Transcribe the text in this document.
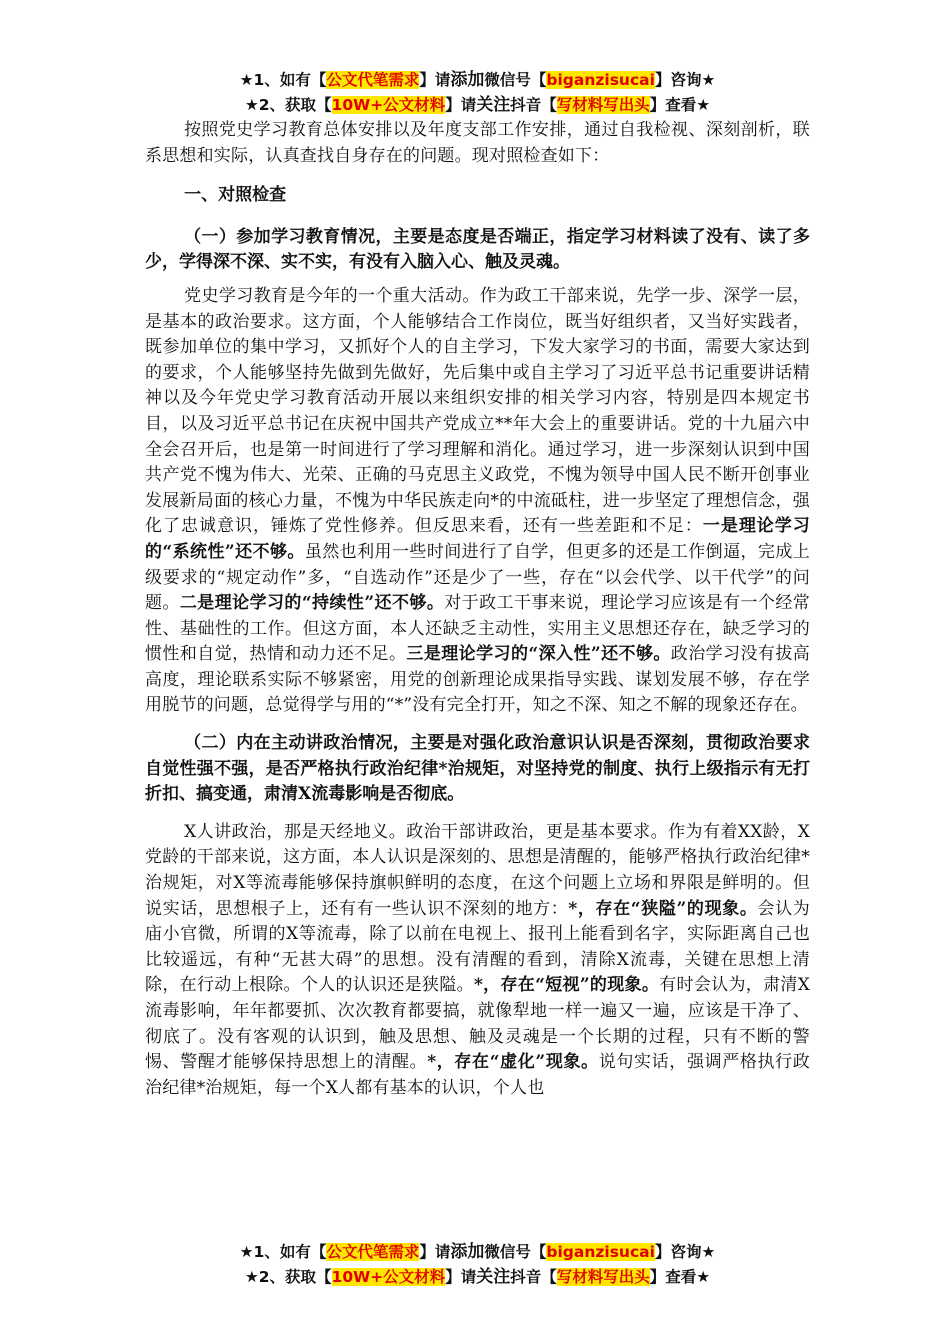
★1、如有【公文代笔需求】请添加微信号【biganzisucai】咨询★
★2、获取【10W+公文材料】请关注抖音【写材料写出头】查看★

按照党史学习教育总体安排以及年度支部工作安排，通过自我检视、深刻剖析，联系思想和实际，认真查找自身存在的问题。现对照检查如下：

一、对照检查

（一）参加学习教育情况，主要是态度是否端正，指定学习材料读了没有、读了多少，学得深不深、实不实，有没有入脑入心、触及灵魂。

党史学习教育是今年的一个重大活动。作为政工干部来说，先学一步、深学一层，是基本的政治要求。这方面，个人能够结合工作岗位，既当好组织者，又当好实践者，既参加单位的集中学习，又抓好个人的自主学习，下发大家学习的书面，需要大家达到的要求，个人能够坚持先做到先做好，先后集中或自主学习了习近平总书记重要讲话精神以及今年党史学习教育活动开展以来组织安排的相关学习内容，特别是四本规定书目，以及习近平总书记在庆祝中国共产党成立**年大会上的重要讲话。党的十九届六中全会召开后，也是第一时间进行了学习理解和消化。通过学习，进一步深刻认识到中国共产党不愧为伟大、光荣、正确的马克思主义政党，不愧为领导中国人民不断开创事业发展新局面的核心力量，不愧为中华民族走向*的中流砥柱，进一步坚定了理想信念，强化了忠诚意识，锤炼了党性修养。但反思来看，还有一些差距和不足：一是理论学习的“系统性”还不够。虽然也利用一些时间进行了自学，但更多的还是工作倒逼，完成上级要求的“规定动作”多，“自选动作”还是少了一些，存在“以会代学、以干代学”的问题。二是理论学习的“持续性”还不够。对于政工干事来说，理论学习应该是有一个经常性、基础性的工作。但这方面，本人还缺乏主动性，实用主义思想还存在，缺乏学习的惯性和自觉，热情和动力还不足。三是理论学习的“深入性”还不够。政治学习没有拔高高度，理论联系实际不够紧密，用党的创新理论成果指导实践、谋划发展不够，存在学用脱节的问题，总觉得学与用的“*”没有完全打开，知之不深、知之不解的现象还存在。

（二）内在主动讲政治情况，主要是对强化政治意识认识是否深刻，贯彻政治要求自觉性强不强，是否严格执行政治纪律*治规矩，对坚持党的制度、执行上级指示有无打折扣、搞变通，肃清X流毒影响是否彻底。

X人讲政治，那是天经地义。政治干部讲政治，更是基本要求。作为有着XX龄，X党龄的干部来说，这方面，本人认识是深刻的、思想是清醒的，能够严格执行政治纪律*治规矩，对X等流毒能够保持旗帜鲜明的态度，在这个问题上立场和界限是鲜明的。但说实话，思想根子上，还有有一些认识不深刻的地方：*，存在“狭隘”的现象。会认为庙小官微，所谓的X等流毒，除了以前在电视上、报刊上能看到名字，实际距离自己也比较遥远，有种“无甚大碍”的思想。没有清醒的看到，清除X流毒，关键在思想上清除，在行动上根除。个人的认识还是狭隘。*，存在“短视”的现象。有时会认为，肃清X流毒影响，年年都要抓、次次教育都要搞，就像犁地一样一遍又一遍，应该是干净了、彻底了。没有客观的认识到，触及思想、触及灵魂是一个长期的过程，只有不断的警惕、警醒才能够保持思想上的清醒。*，存在“虚化”现象。说句实话，强调严格执行政治纪律*治规矩，每一个X人都有基本的认识，个人也

★1、如有【公文代笔需求】请添加微信号【biganzisucai】咨询★
★2、获取【10W+公文材料】请关注抖音【写材料写出头】查看★
